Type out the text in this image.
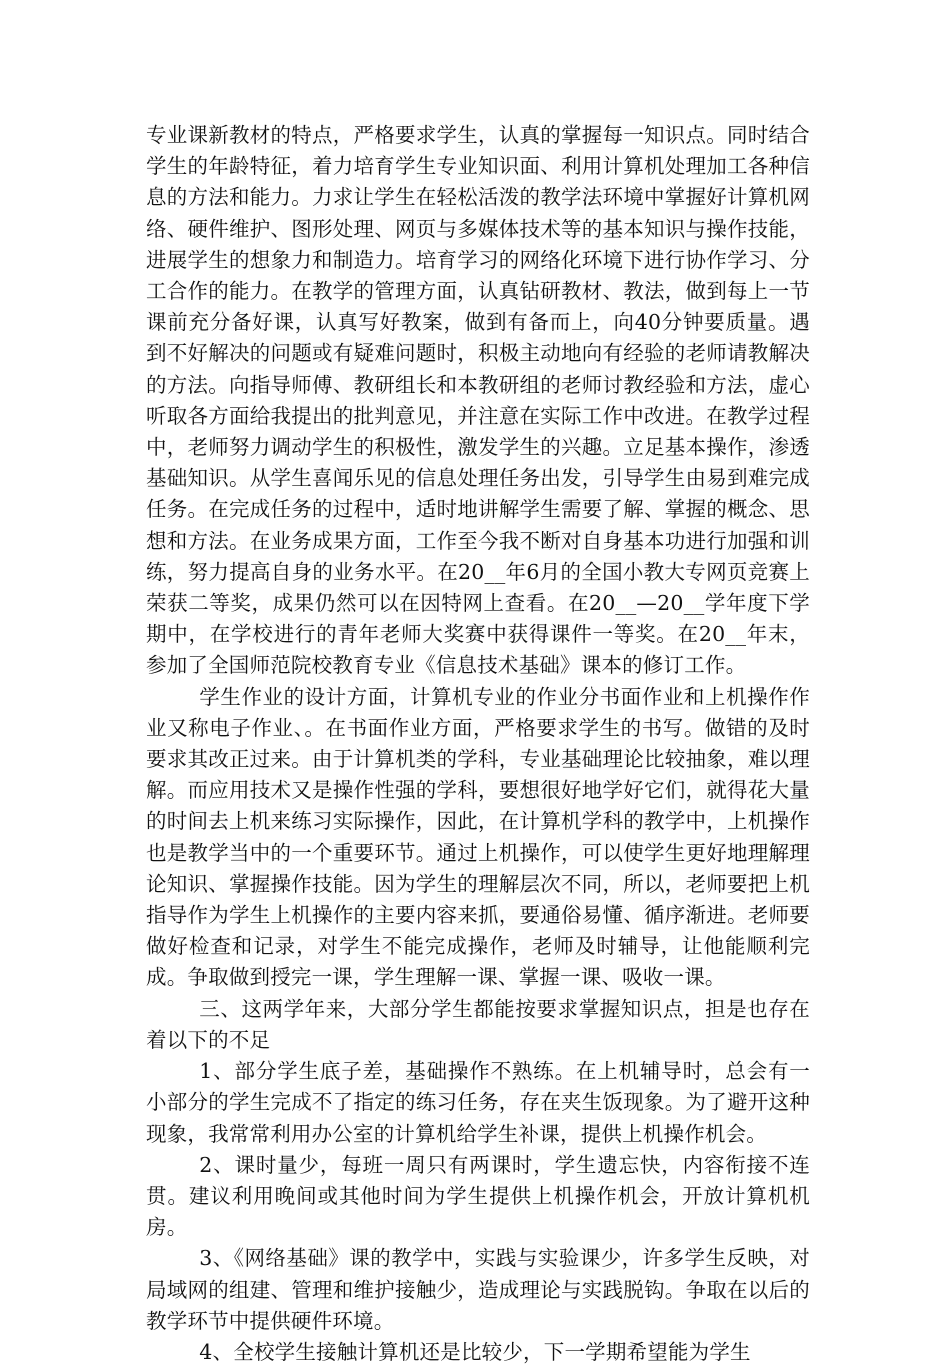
专业课新教材的特点，严格要求学生，认真的掌握每一知识点。同时结合学生的年龄特征，着力培育学生专业知识面、利用计算机处理加工各种信息的方法和能力。力求让学生在轻松活泼的教学法环境中掌握好计算机网络、硬件维护、图形处理、网页与多媒体技术等的基本知识与操作技能，进展学生的想象力和制造力。培育学习的网络化环境下进行协作学习、分工合作的能力。在教学的管理方面，认真钻研教材、教法，做到每上一节课前充分备好课，认真写好教案，做到有备而上，向40分钟要质量。遇到不好解决的问题或有疑难问题时，积极主动地向有经验的老师请教解决的方法。向指导师傅、教研组长和本教研组的老师讨教经验和方法，虚心听取各方面给我提出的批判意见，并注意在实际工作中改进。在教学过程中，老师努力调动学生的积极性，激发学生的兴趣。立足基本操作，渗透基础知识。从学生喜闻乐见的信息处理任务出发，引导学生由易到难完成任务。在完成任务的过程中，适时地讲解学生需要了解、掌握的概念、思想和方法。在业务成果方面，工作至今我不断对自身基本功进行加强和训练，努力提高自身的业务水平。在20__年6月的全国小教大专网页竞赛上荣获二等奖，成果仍然可以在因特网上查看。在20__—20__学年度下学期中，在学校进行的青年老师大奖赛中获得课件一等奖。在20__年末，参加了全国师范院校教育专业《信息技术基础》课本的修订工作。

学生作业的设计方面，计算机专业的作业分书面作业和上机操作作业又称电子作业、。在书面作业方面，严格要求学生的书写。做错的及时要求其改正过来。由于计算机类的学科，专业基础理论比较抽象，难以理解。而应用技术又是操作性强的学科，要想很好地学好它们，就得花大量的时间去上机来练习实际操作，因此，在计算机学科的教学中，上机操作也是教学当中的一个重要环节。通过上机操作，可以使学生更好地理解理论知识、掌握操作技能。因为学生的理解层次不同，所以，老师要把上机指导作为学生上机操作的主要内容来抓，要通俗易懂、循序渐进。老师要做好检查和记录，对学生不能完成操作，老师及时辅导，让他能顺利完成。争取做到授完一课，学生理解一课、掌握一课、吸收一课。

三、这两学年来，大部分学生都能按要求掌握知识点，担是也存在着以下的不足

1、部分学生底子差，基础操作不熟练。在上机辅导时，总会有一小部分的学生完成不了指定的练习任务，存在夹生饭现象。为了避开这种现象，我常常利用办公室的计算机给学生补课，提供上机操作机会。

2、课时量少，每班一周只有两课时，学生遗忘快，内容衔接不连贯。建议利用晚间或其他时间为学生提供上机操作机会，开放计算机机房。

3、《网络基础》课的教学中，实践与实验课少，许多学生反映，对局域网的组建、管理和维护接触少，造成理论与实践脱钩。争取在以后的教学环节中提供硬件环境。

4、全校学生接触计算机还是比较少，下一学期希望能为学生
